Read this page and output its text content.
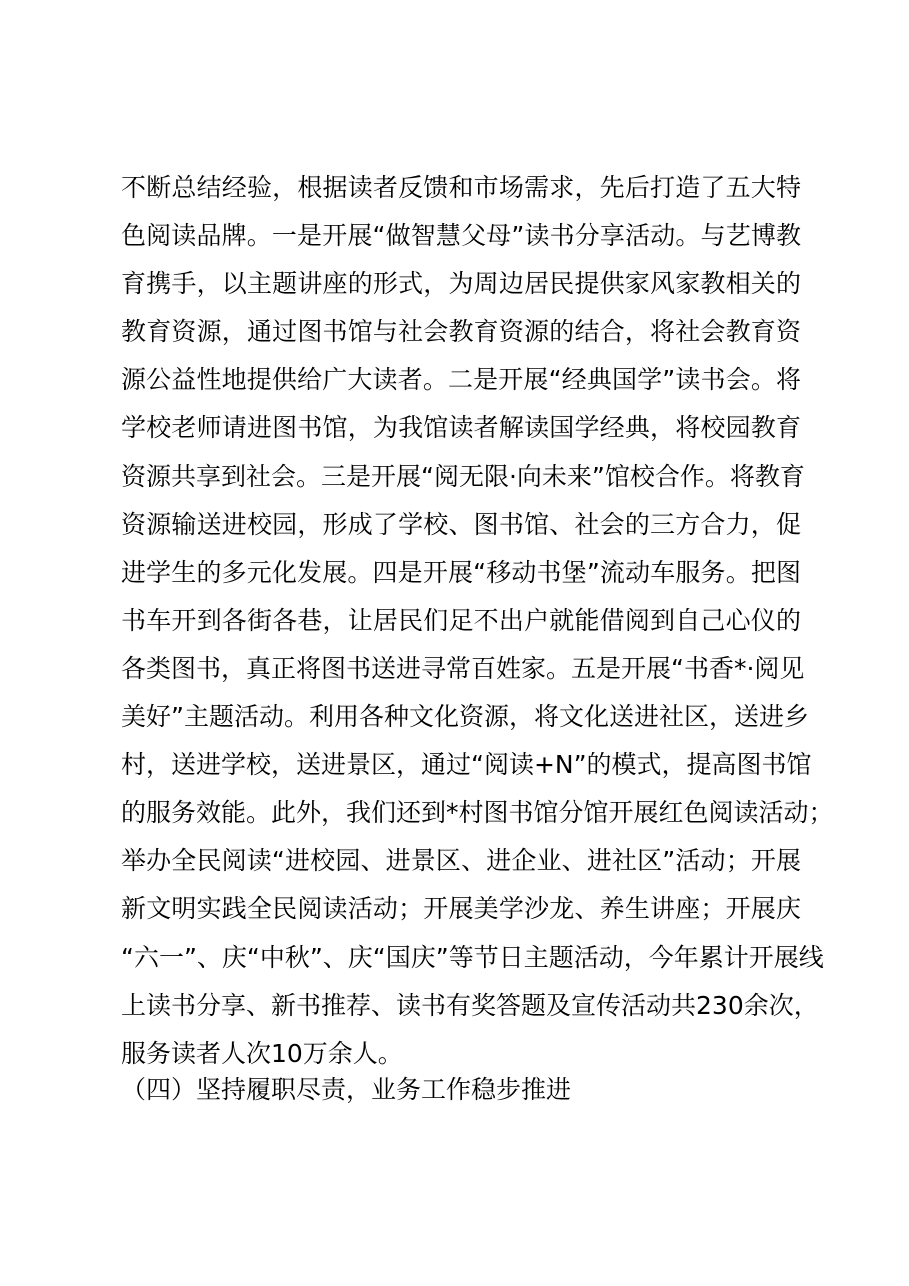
不断总结经验，根据读者反馈和市场需求，先后打造了五大特
色阅读品牌。一是开展“做智慧父母”读书分享活动。与艺博教
育携手，以主题讲座的形式，为周边居民提供家风家教相关的
教育资源，通过图书馆与社会教育资源的结合，将社会教育资
源公益性地提供给广大读者。二是开展“经典国学”读书会。将
学校老师请进图书馆，为我馆读者解读国学经典，将校园教育
资源共享到社会。三是开展“阅无限·向未来”馆校合作。将教育
资源输送进校园，形成了学校、图书馆、社会的三方合力，促
进学生的多元化发展。四是开展“移动书堡”流动车服务。把图
书车开到各街各巷，让居民们足不出户就能借阅到自己心仪的
各类图书，真正将图书送进寻常百姓家。五是开展“书香*·阅见
美好”主题活动。利用各种文化资源，将文化送进社区，送进乡
村，送进学校，送进景区，通过“阅读+N”的模式，提高图书馆
的服务效能。此外，我们还到*村图书馆分馆开展红色阅读活动；
举办全民阅读“进校园、进景区、进企业、进社区”活动；开展
新文明实践全民阅读活动；开展美学沙龙、养生讲座；开展庆
“六一”、庆“中秋”、庆“国庆”等节日主题活动，今年累计开展线
上读书分享、新书推荐、读书有奖答题及宣传活动共230余次，
服务读者人次10万余人。

（四）坚持履职尽责，业务工作稳步推进
